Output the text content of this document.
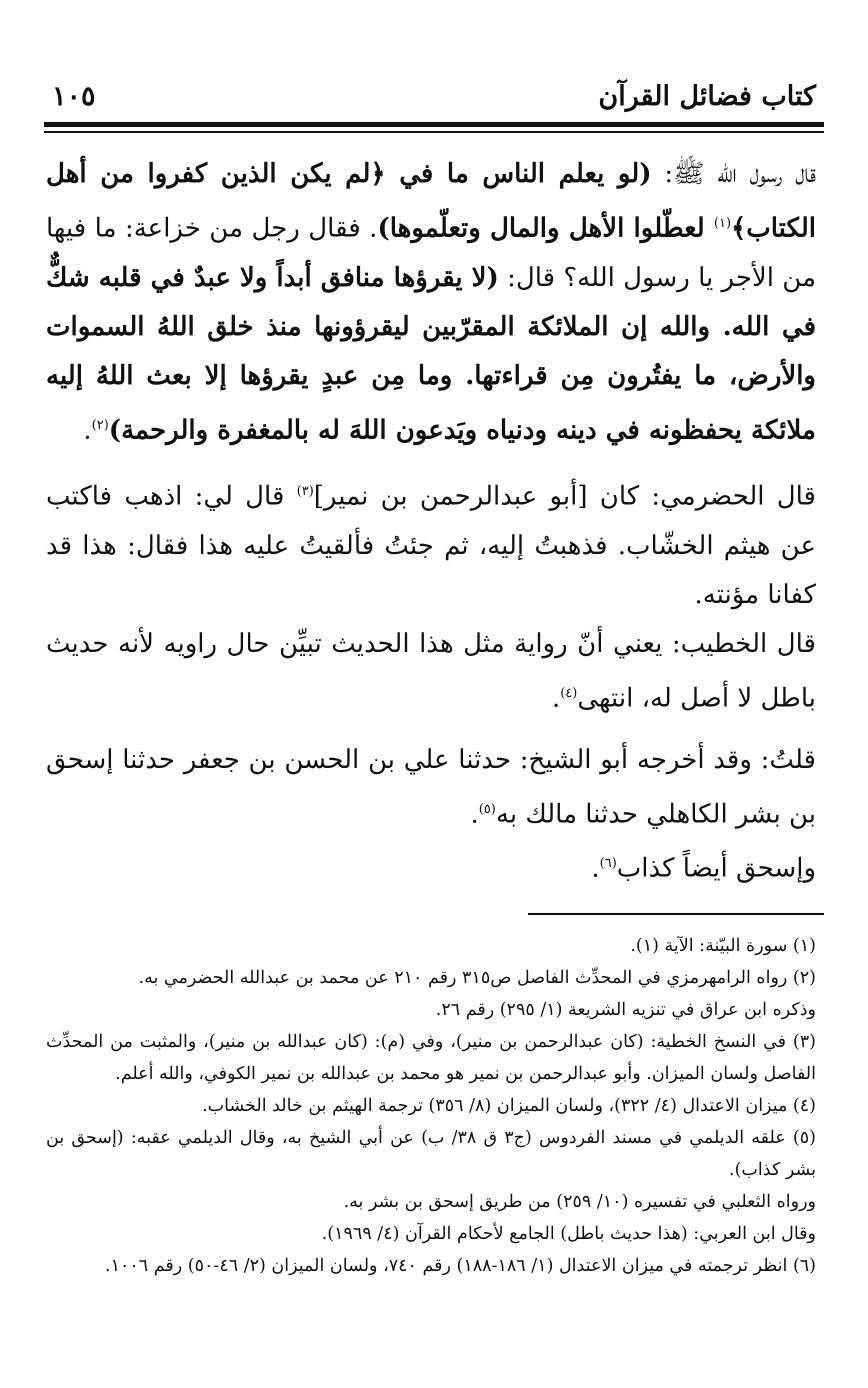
كتاب فضائل القرآن
١٠٥

قال رسول الله ﷺ: (لو يعلم الناس ما في ﴿لم يكن الذين كفروا من أهل الكتاب﴾$^{(١)}$ لعطّلوا الأهل والمال وتعلّموها). فقال رجل من خزاعة: ما فيها من الأجر يا رسول الله؟ قال: (لا يقرؤها منافق أبداً ولا عبدٌ في قلبه شكٌّ في الله. والله إن الملائكة المقرّبين ليقرؤونها منذ خلق اللهُ السموات والأرض، ما يفتُرون مِن قراءتها. وما مِن عبدٍ يقرؤها إلا بعث اللهُ إليه ملائكة يحفظونه في دينه ودنياه ويَدعون اللهَ له بالمغفرة والرحمة)$^{(٢)}$.

قال الحضرمي: كان [أبو عبدالرحمن بن نمير]$^{(٣)}$ قال لي: اذهب فاكتب عن هيثم الخشّاب. فذهبتُ إليه، ثم جئتُ فألقيتُ عليه هذا فقال: هذا قد كفانا مؤنته.

قال الخطيب: يعني أنّ رواية مثل هذا الحديث تبيِّن حال راويه لأنه حديث باطل لا أصل له، انتهى$^{(٤)}$.

قلتُ: وقد أخرجه أبو الشيخ: حدثنا علي بن الحسن بن جعفر حدثنا إسحق بن بشر الكاهلي حدثنا مالك به$^{(٥)}$.

وإسحق أيضاً كذاب$^{(٦)}$.

(١) سورة البيّنة: الآية (١).

(٢) رواه الرامهرمزي في المحدِّث الفاصل ص٣١٥ رقم ٢١٠ عن محمد بن عبدالله الحضرمي به.

وذكره ابن عراق في تنزيه الشريعة (١/ ٢٩٥) رقم ٢٦.

(٣) في النسخ الخطية: (كان عبدالرحمن بن منير)، وفي (م): (كان عبدالله بن منير)، والمثبت من المحدِّث الفاصل ولسان الميزان. وأبو عبدالرحمن بن نمير هو محمد بن عبدالله بن نمير الكوفي، والله أعلم.

(٤) ميزان الاعتدال (٤/ ٣٢٢)، ولسان الميزان (٨/ ٣٥٦) ترجمة الهيثم بن خالد الخشاب.

(٥) علقه الديلمي في مسند الفردوس (ج٣ ق ٣٨/ ب) عن أبي الشيخ به، وقال الديلمي عقبه: (إسحق بن بشر كذاب).

ورواه الثعلبي في تفسيره (١٠/ ٢٥٩) من طريق إسحق بن بشر به.

وقال ابن العربي: (هذا حديث باطل) الجامع لأحكام القرآن (٤/ ١٩٦٩).

(٦) انظر ترجمته في ميزان الاعتدال (١/ ١٨٦-١٨٨) رقم ٧٤٠، ولسان الميزان (٢/ ٤٦-٥٠) رقم ١٠٠٦.
